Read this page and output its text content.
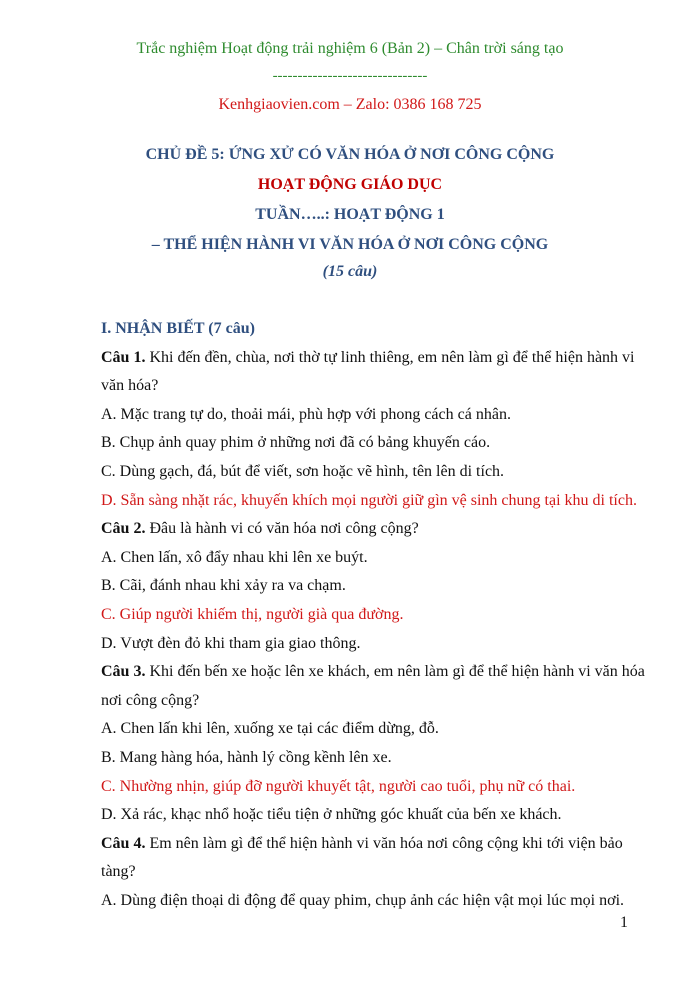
Trắc nghiệm Hoạt động trải nghiệm 6 (Bản 2) – Chân trời sáng tạo
-------------------------------
Kenhgiaovien.com – Zalo: 0386 168 725
CHỦ ĐỀ 5: ỨNG XỬ CÓ VĂN HÓA Ở NƠI CÔNG CỘNG
HOẠT ĐỘNG GIÁO DỤC
TUẦN…..: HOẠT ĐỘNG 1
– THỂ HIỆN HÀNH VI VĂN HÓA Ở NƠI CÔNG CỘNG
(15 câu)
I. NHẬN BIẾT (7 câu)
Câu 1. Khi đến đền, chùa, nơi thờ tự linh thiêng, em nên làm gì để thể hiện hành vi
văn hóa?
A. Mặc trang tự do, thoải mái, phù hợp với phong cách cá nhân.
B. Chụp ảnh quay phim ở những nơi đã có bảng khuyến cáo.
C. Dùng gạch, đá, bút để viết, sơn hoặc vẽ hình, tên lên di tích.
D. Sẵn sàng nhặt rác, khuyến khích mọi người giữ gìn vệ sinh chung tại khu di tích.
Câu 2. Đâu là hành vi có văn hóa nơi công cộng?
A. Chen lấn, xô đẩy nhau khi lên xe buýt.
B. Cãi, đánh nhau khi xảy ra va chạm.
C. Giúp người khiếm thị, người già qua đường.
D. Vượt đèn đỏ khi tham gia giao thông.
Câu 3. Khi đến bến xe hoặc lên xe khách, em nên làm gì để thể hiện hành vi văn hóa
nơi công cộng?
A. Chen lấn khi lên, xuống xe tại các điểm dừng, đỗ.
B. Mang hàng hóa, hành lý cồng kềnh lên xe.
C. Nhường nhịn, giúp đỡ người khuyết tật, người cao tuổi, phụ nữ có thai.
D. Xả rác, khạc nhổ hoặc tiểu tiện ở những góc khuất của bến xe khách.
Câu 4. Em nên làm gì để thể hiện hành vi văn hóa nơi công cộng khi tới viện bảo
tàng?
A. Dùng điện thoại di động để quay phim, chụp ảnh các hiện vật mọi lúc mọi nơi.
1
